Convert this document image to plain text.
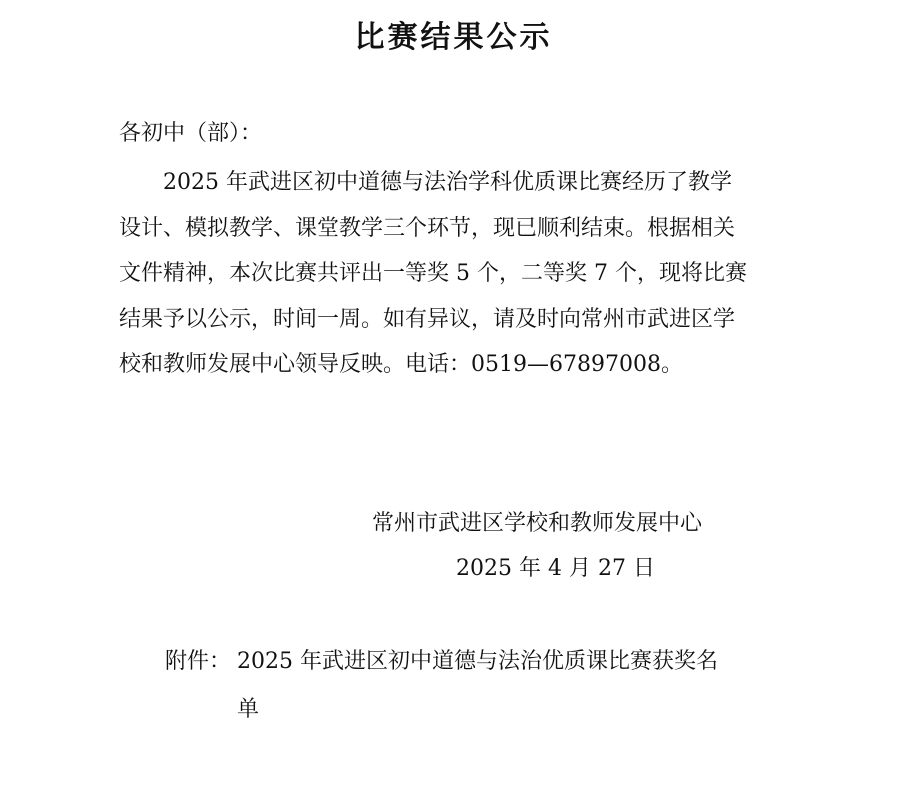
比赛结果公示

各初中（部）：

2025 年武进区初中道德与法治学科优质课比赛经历了教学
设计、模拟教学、课堂教学三个环节，现已顺利结束。根据相关
文件精神，本次比赛共评出一等奖 5 个，二等奖 7 个，现将比赛
结果予以公示，时间一周。如有异议，请及时向常州市武进区学
校和教师发展中心领导反映。电话：0519—67897008。
常州市武进区学校和教师发展中心
2025 年 4 月 27 日
附件： 2025 年武进区初中道德与法治优质课比赛获奖名
单
